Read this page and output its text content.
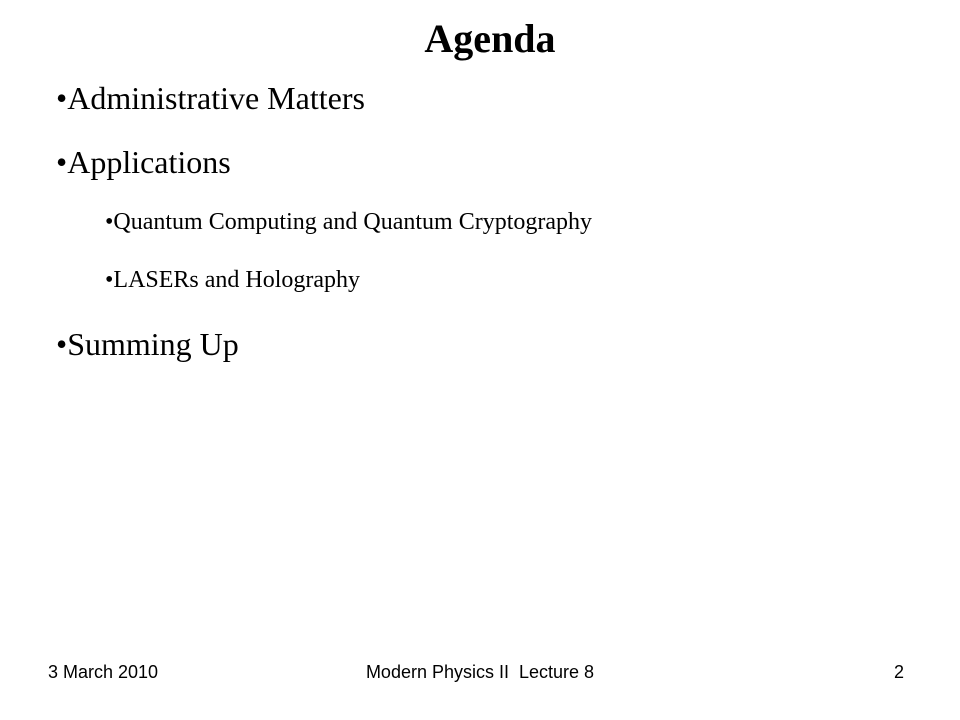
Agenda
•Administrative Matters
•Applications
•Quantum Computing and Quantum Cryptography
•LASERs and Holography
•Summing Up
3 March 2010	Modern Physics II  Lecture 8	2
